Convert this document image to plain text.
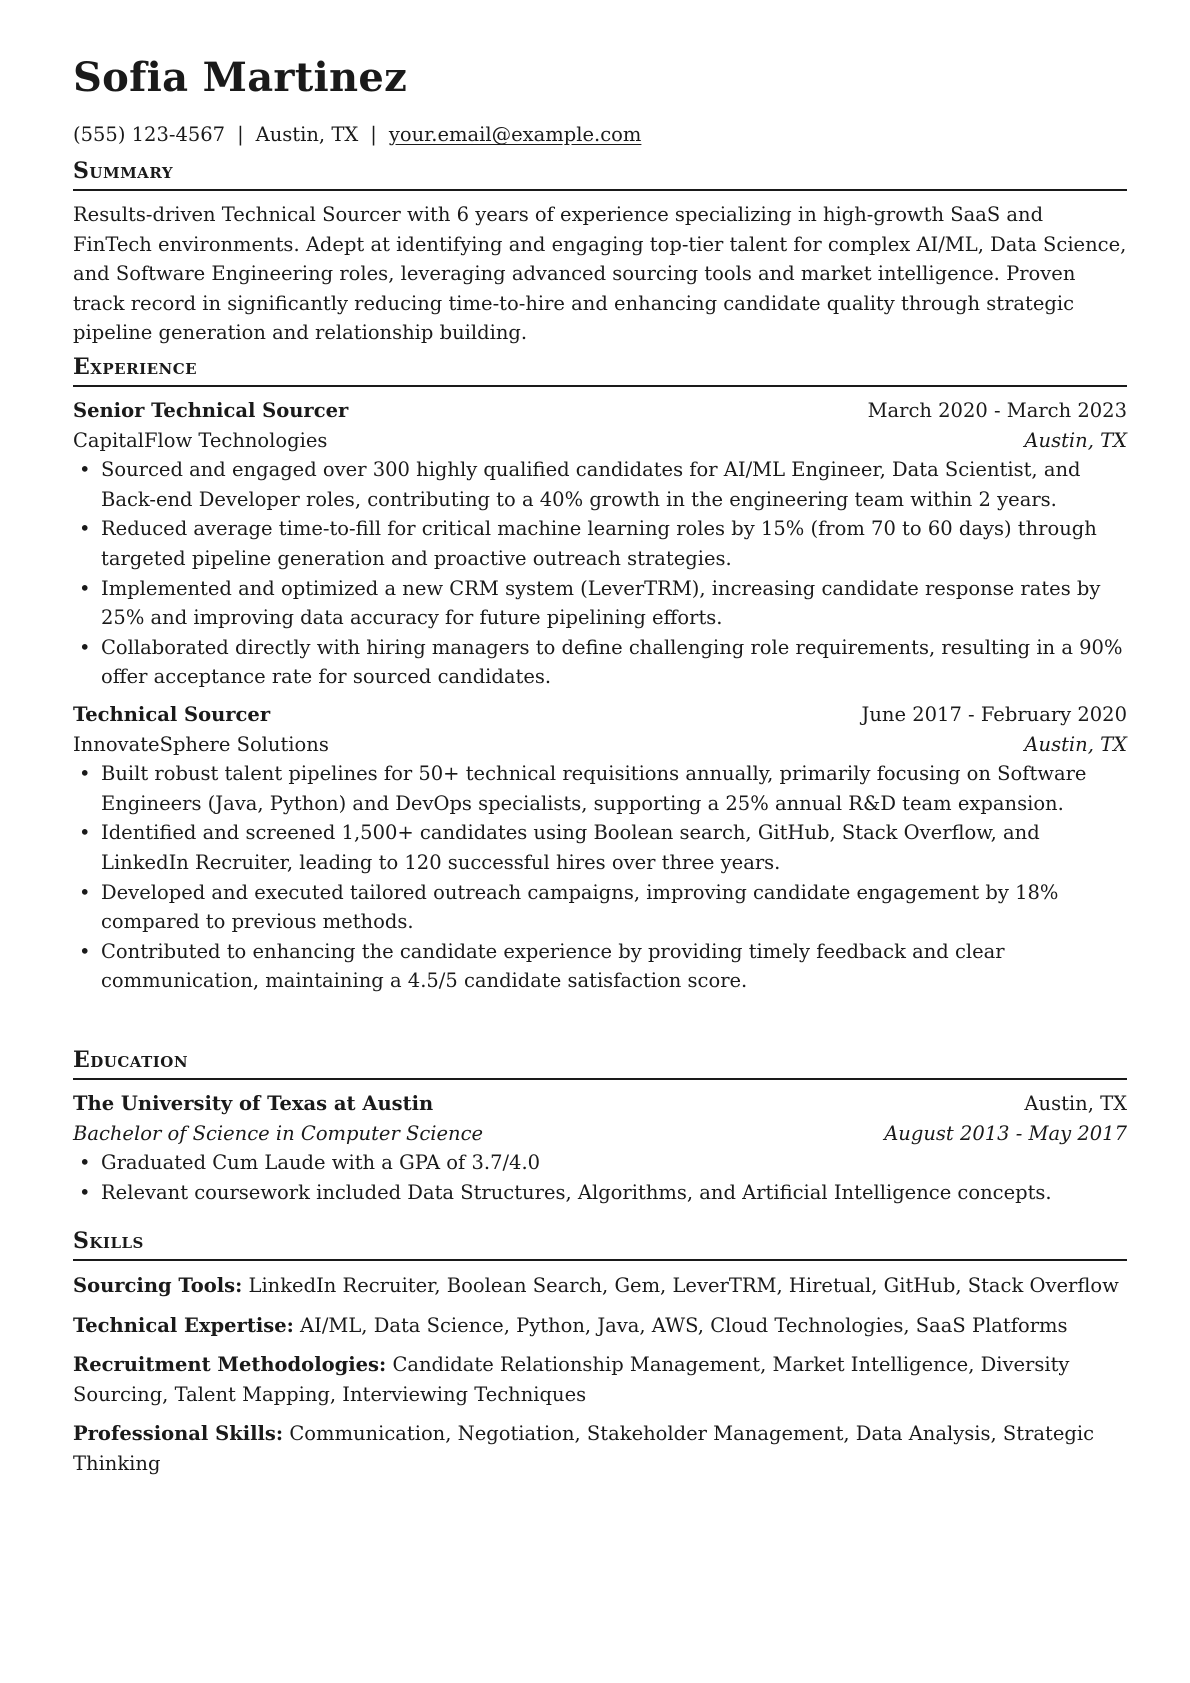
Sofia Martinez
(555) 123-4567 | Austin, TX | your.email@example.com
Summary
Results-driven Technical Sourcer with 6 years of experience specializing in high-growth SaaS and FinTech environments. Adept at identifying and engaging top-tier talent for complex AI/ML, Data Science, and Software Engineering roles, leveraging advanced sourcing tools and market intelligence. Proven track record in significantly reducing time-to-hire and enhancing candidate quality through strategic pipeline generation and relationship building.
Experience
Senior Technical Sourcer	March 2020 - March 2023
CapitalFlow Technologies	Austin, TX
• Sourced and engaged over 300 highly qualified candidates for AI/ML Engineer, Data Scientist, and Back-end Developer roles, contributing to a 40% growth in the engineering team within 2 years.
• Reduced average time-to-fill for critical machine learning roles by 15% (from 70 to 60 days) through targeted pipeline generation and proactive outreach strategies.
• Implemented and optimized a new CRM system (LeverTRM), increasing candidate response rates by 25% and improving data accuracy for future pipelining efforts.
• Collaborated directly with hiring managers to define challenging role requirements, resulting in a 90% offer acceptance rate for sourced candidates.
Technical Sourcer	June 2017 - February 2020
InnovateSphere Solutions	Austin, TX
• Built robust talent pipelines for 50+ technical requisitions annually, primarily focusing on Software Engineers (Java, Python) and DevOps specialists, supporting a 25% annual R&D team expansion.
• Identified and screened 1,500+ candidates using Boolean search, GitHub, Stack Overflow, and LinkedIn Recruiter, leading to 120 successful hires over three years.
• Developed and executed tailored outreach campaigns, improving candidate engagement by 18% compared to previous methods.
• Contributed to enhancing the candidate experience by providing timely feedback and clear communication, maintaining a 4.5/5 candidate satisfaction score.
Education
The University of Texas at Austin	Austin, TX
Bachelor of Science in Computer Science	August 2013 - May 2017
• Graduated Cum Laude with a GPA of 3.7/4.0
• Relevant coursework included Data Structures, Algorithms, and Artificial Intelligence concepts.
Skills
Sourcing Tools: LinkedIn Recruiter, Boolean Search, Gem, LeverTRM, Hiretual, GitHub, Stack Overflow
Technical Expertise: AI/ML, Data Science, Python, Java, AWS, Cloud Technologies, SaaS Platforms
Recruitment Methodologies: Candidate Relationship Management, Market Intelligence, Diversity Sourcing, Talent Mapping, Interviewing Techniques
Professional Skills: Communication, Negotiation, Stakeholder Management, Data Analysis, Strategic Thinking
